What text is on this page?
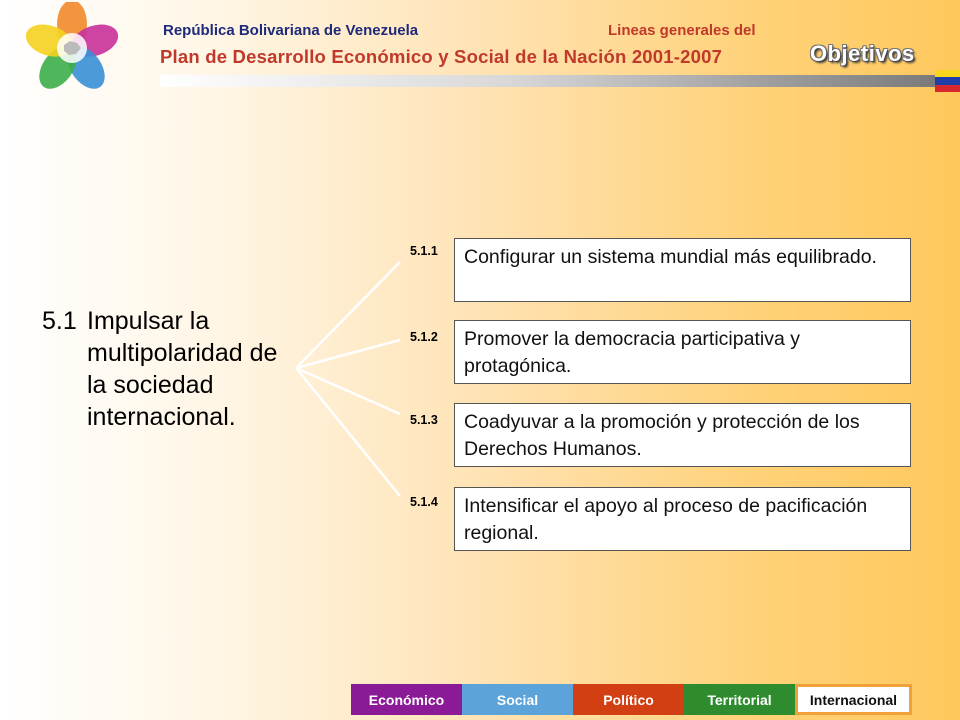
República Bolivariana de Venezuela	Lineas generales del
Plan de Desarrollo Económico y Social de la Nación 2001-2007	Objetivos
5.1 Impulsar la multipolaridad de la sociedad internacional.
5.1.1	Configurar un sistema mundial más equilibrado.
5.1.2	Promover la democracia participativa y protagónica.
5.1.3	Coadyuvar a la promoción y protección de los Derechos Humanos.
5.1.4	Intensificar el apoyo al proceso de pacificación regional.
Económico	Social	Político	Territorial	Internacional
